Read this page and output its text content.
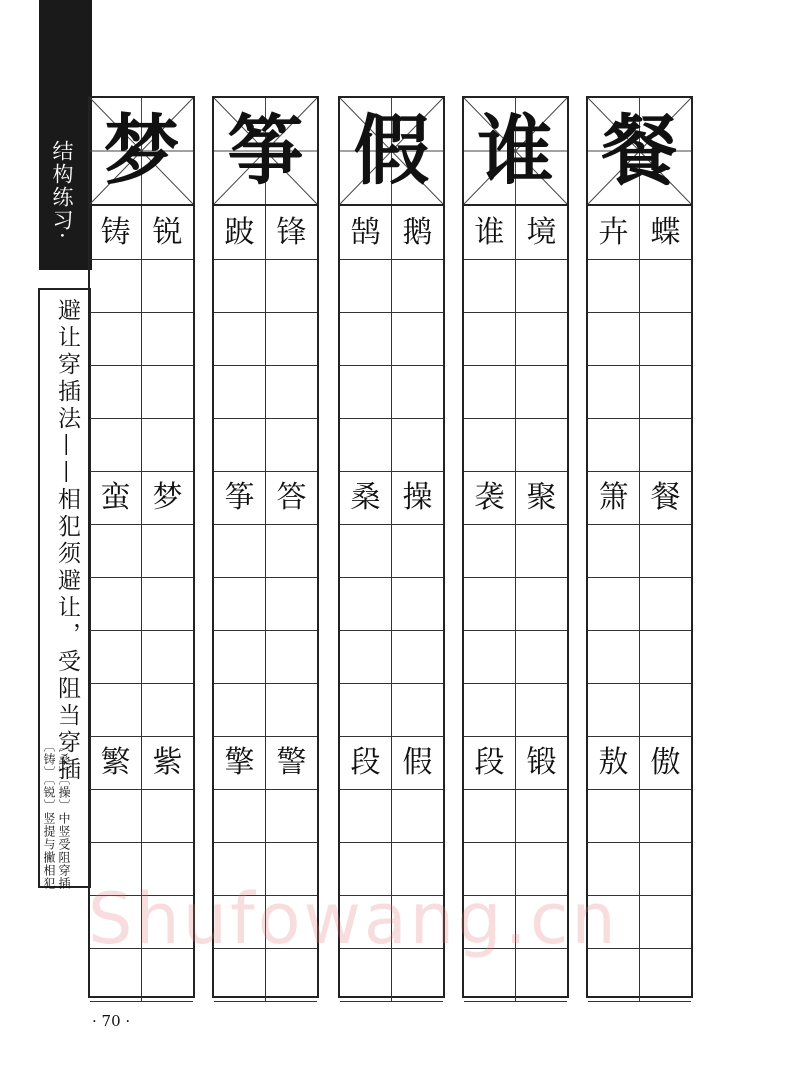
结构练习·
避让穿插法——相犯须避让，受阻当穿插
〔桑〕〔操〕中竖受阻穿插
〔铸〕〔锐〕竖提与撇相犯
梦
铸 锐
蛮 梦
繁 紫
筝
跛 锋
筝 答
擎 警
假
鹄 鹅
桑 操
段 假
谁
谁 境
袭 聚
段 锻
餐
卉 蝶
箫 餐
敖 傲
Shufowang.cn
· 70 ·
